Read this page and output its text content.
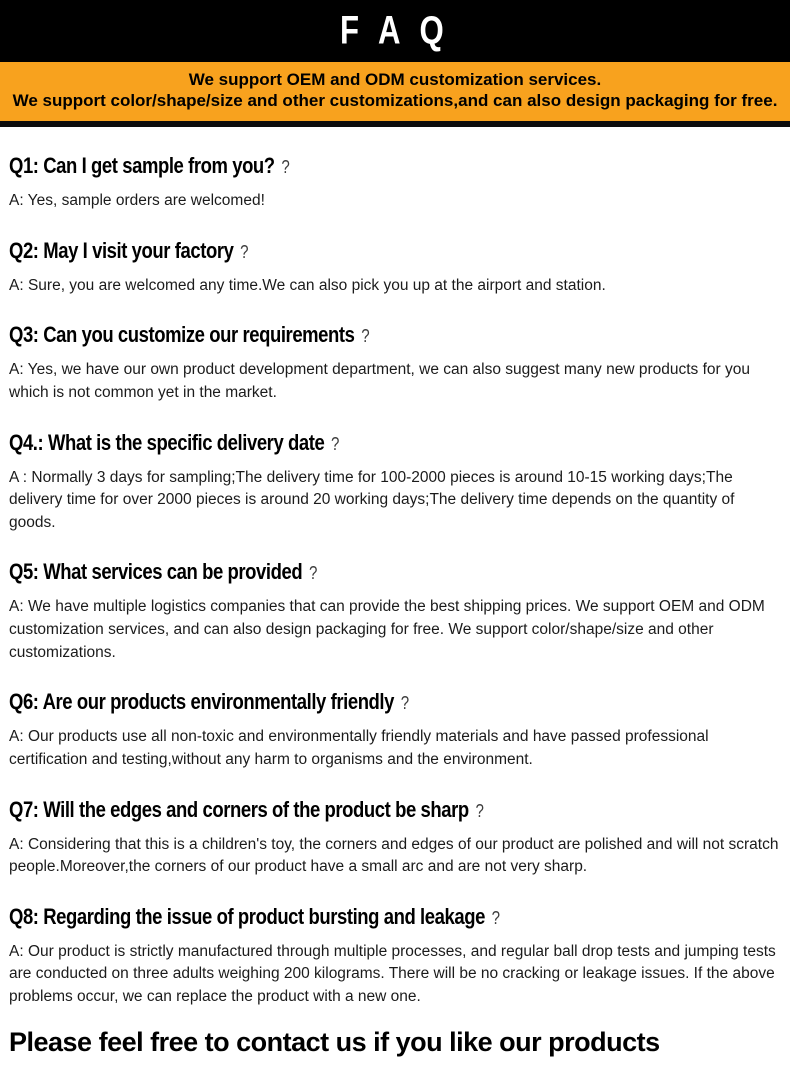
F A Q
We support OEM and ODM customization services.
We support color/shape/size and other customizations,and can also design packaging for free.
Q1: Can I get sample from you? ?

A: Yes, sample orders are welcomed!

Q2: May I visit your factory ?

A: Sure, you are welcomed any time.We can also pick you up at the airport and station.

Q3: Can you customize our requirements ?

A: Yes, we have our own product development department, we can also suggest many new products for you which is not common yet in the market.

Q4.: What is the specific delivery date ?

A : Normally 3 days for sampling;The delivery time for 100-2000 pieces is around 10-15 working days;The delivery time for over 2000 pieces is around 20 working days;The delivery time depends on the quantity of goods.

Q5: What services can be provided ?

A: We have multiple logistics companies that can provide the best shipping prices. We support OEM and ODM customization services, and can also design packaging for free. We support color/shape/size and other customizations.

Q6: Are our products environmentally friendly ?

A: Our products use all non-toxic and environmentally friendly materials and have passed professional certification and testing,without any harm to organisms and the environment.

Q7: Will the edges and corners of the product be sharp ?

A: Considering that this is a children's toy, the corners and edges of our product are polished and will not scratch people.Moreover,the corners of our product have a small arc and are not very sharp.

Q8: Regarding the issue of product bursting and leakage ?

A: Our product is strictly manufactured through multiple processes, and regular ball drop tests and jumping tests are conducted on three adults weighing 200 kilograms. There will be no cracking or leakage issues. If the above problems occur, we can replace the product with a new one.

Please feel free to contact us if you like our products
